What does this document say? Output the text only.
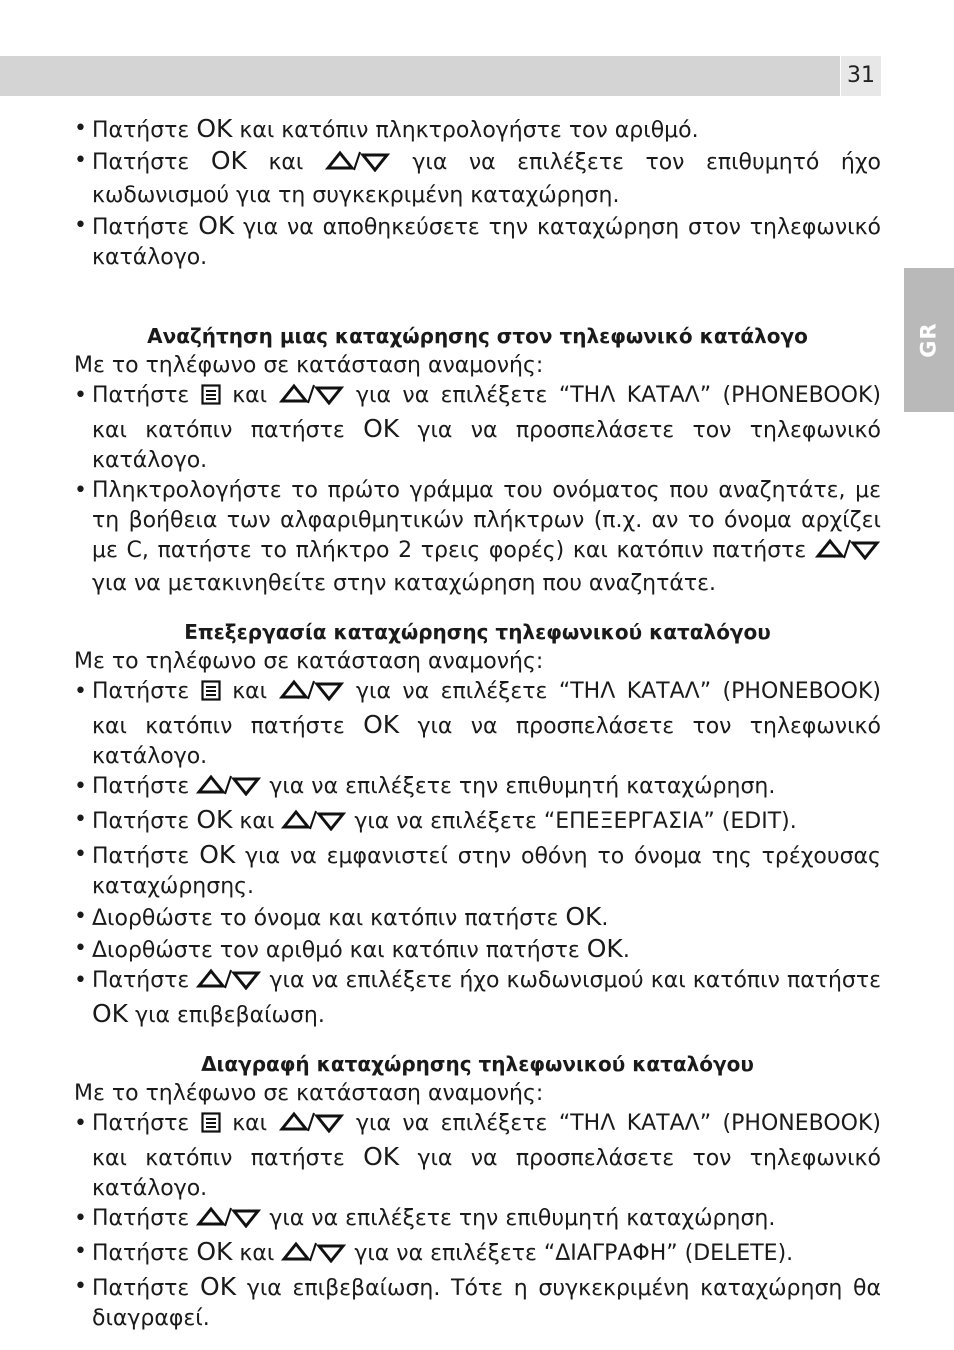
31
GR

• Πατήστε OK και κατόπιν πληκτρολογήστε τον αριθμό.

• Πατήστε OK και	για να επιλέξετε τον επιθυμητό ήχο κωδωνισμού για τη συγκεκριμένη καταχώρηση.

• Πατήστε OK για να αποθηκεύσετε την καταχώρηση στον τηλεφωνικό κατάλογο.

Αναζήτηση μιας καταχώρησης στον τηλεφωνικό κατάλογο

Με το τηλέφωνο σε κατάσταση αναμονής:

• Πατήστε και	για να επιλέξετε “ΤΗΛ ΚΑΤΑΛ” (PHONEBOOK) και κατόπιν πατήστε OK για να προσπελάσετε τον τηλεφωνικό κατάλογο.

• Πληκτρολογήστε το πρώτο γράμμα του ονόματος που αναζητάτε, με τη βοήθεια των αλφαριθμητικών πλήκτρων (π.χ. αν το όνομα αρχίζει με C, πατήστε το πλήκτρο 2 τρεις φορές) και κατόπιν πατήστε  για να μετακινηθείτε στην καταχώρηση που αναζητάτε.

Επεξεργασία καταχώρησης τηλεφωνικού καταλόγου

Με το τηλέφωνο σε κατάσταση αναμονής:

• Πατήστε και	για να επιλέξετε “ΤΗΛ ΚΑΤΑΛ” (PHONEBOOK) και κατόπιν πατήστε OK για να προσπελάσετε τον τηλεφωνικό κατάλογο.

• Πατήστε	για να επιλέξετε την επιθυμητή καταχώρηση.

• Πατήστε OK και	για να επιλέξετε “ΕΠΕΞΕΡΓΑΣΙΑ” (EDIT).

• Πατήστε OK για να εμφανιστεί στην οθόνη το όνομα της τρέχουσας καταχώρησης.

• Διορθώστε το όνομα και κατόπιν πατήστε OK.

• Διορθώστε τον αριθμό και κατόπιν πατήστε OK.

• Πατήστε	για να επιλέξετε ήχο κωδωνισμού και κατόπιν πατήστε OK για επιβεβαίωση.

Διαγραφή καταχώρησης τηλεφωνικού καταλόγου

Με το τηλέφωνο σε κατάσταση αναμονής:

• Πατήστε και	για να επιλέξετε “ΤΗΛ ΚΑΤΑΛ” (PHONEBOOK) και κατόπιν πατήστε OK για να προσπελάσετε τον τηλεφωνικό κατάλογο.

• Πατήστε	για να επιλέξετε την επιθυμητή καταχώρηση.

• Πατήστε OK και	για να επιλέξετε “ΔΙΑΓΡΑΦΗ” (DELETE).

• Πατήστε OK για επιβεβαίωση. Τότε η συγκεκριμένη καταχώρηση θα διαγραφεί.
